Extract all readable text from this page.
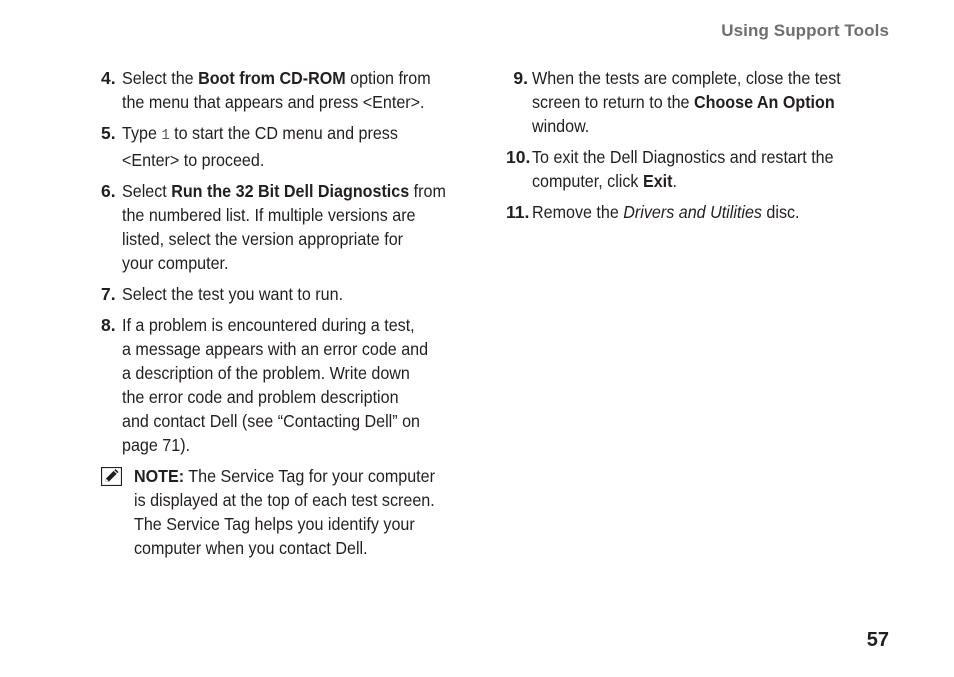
Using Support Tools
4. Select the Boot from CD-ROM option from
the menu that appears and press <Enter>.
5. Type 1 to start the CD menu and press
<Enter> to proceed.
6. Select Run the 32 Bit Dell Diagnostics from
the numbered list. If multiple versions are
listed, select the version appropriate for
your computer.
7. Select the test you want to run.
8. If a problem is encountered during a test,
a message appears with an error code and
a description of the problem. Write down
the error code and problem description
and contact Dell (see “Contacting Dell” on
page 71).
NOTE: The Service Tag for your computer
is displayed at the top of each test screen.
The Service Tag helps you identify your
computer when you contact Dell.
9. When the tests are complete, close the test
screen to return to the Choose An Option
window.
10. To exit the Dell Diagnostics and restart the
computer, click Exit.
11. Remove the Drivers and Utilities disc.
57
